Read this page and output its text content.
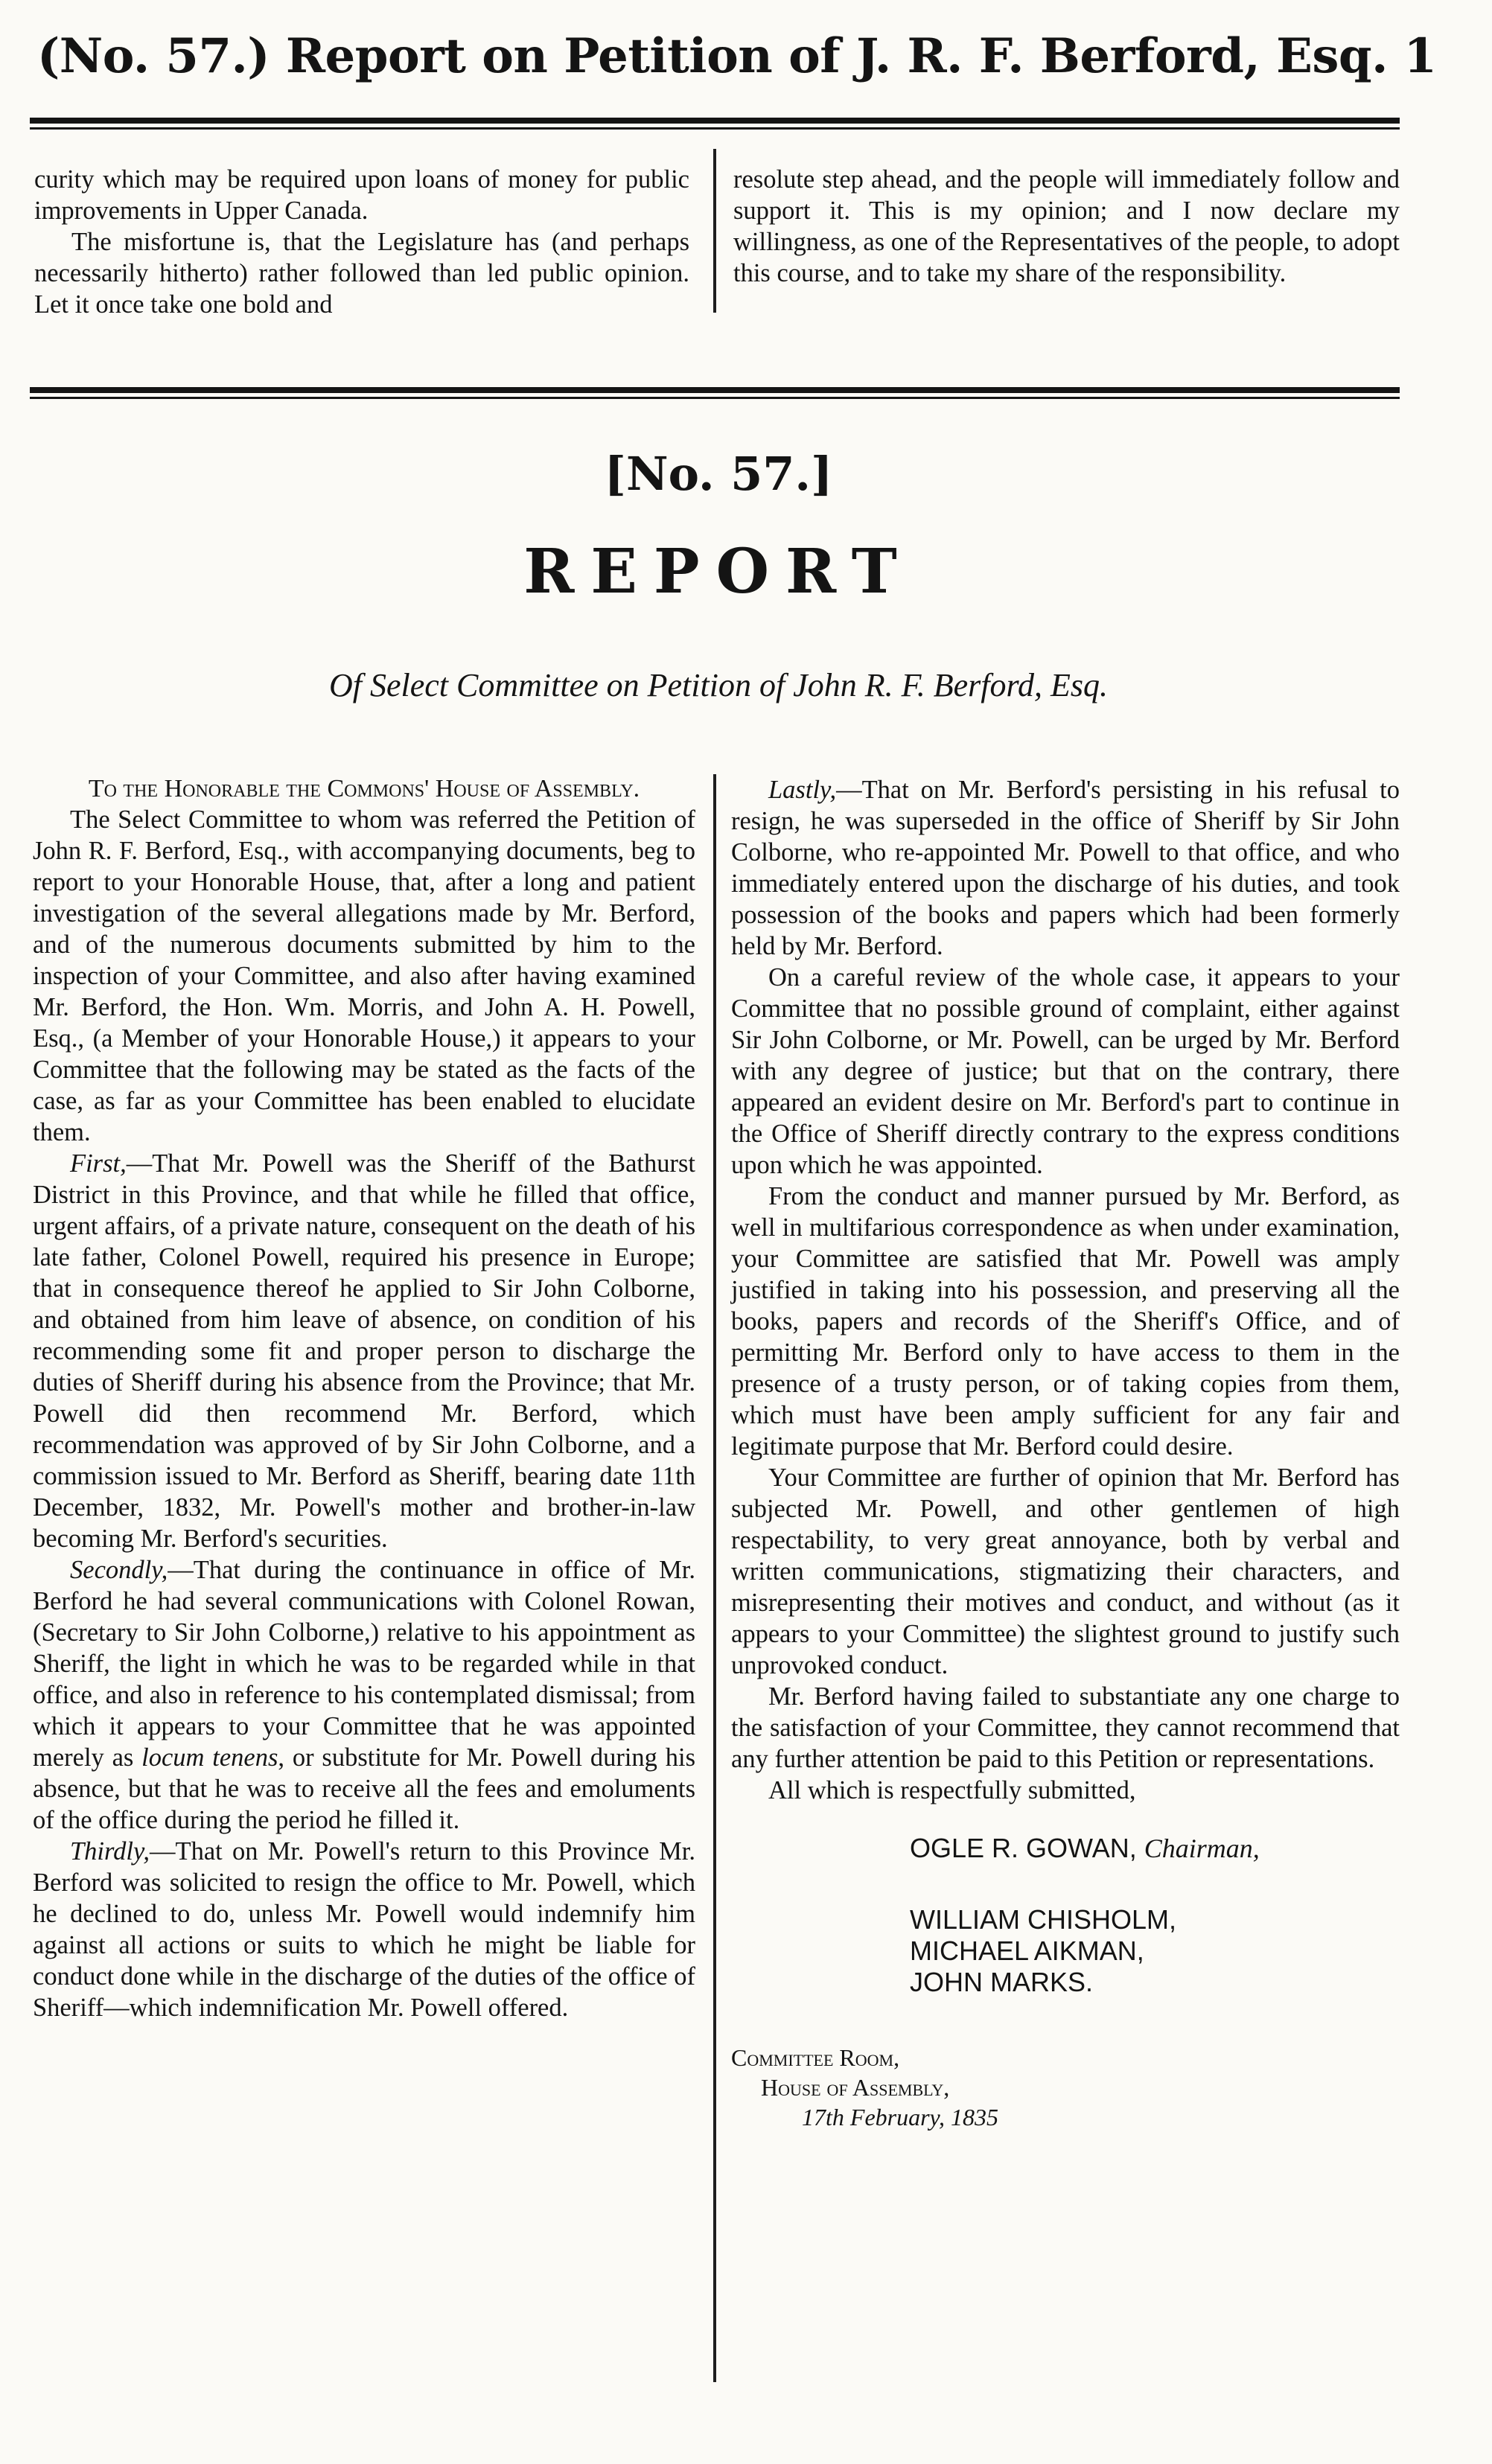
(No. 57.) Report on Petition of J. R. F. Berford, Esq. 1

curity which may be required upon loans of money for public improvements in Upper Canada.

The misfortune is, that the Legislature has (and perhaps necessarily hitherto) rather followed than led public opinion. Let it once take one bold and

resolute step ahead, and the people will immediately follow and support it. This is my opinion; and I now declare my willingness, as one of the Representatives of the people, to adopt this course, and to take my share of the responsibility.

[No. 57.]
REPORT
Of Select Committee on Petition of John R. F. Berford, Esq.

To the Honorable the Commons' House of Assembly.

The Select Committee to whom was referred the Petition of John R. F. Berford, Esq., with accompanying documents, beg to report to your Honorable House, that, after a long and patient investigation of the several allegations made by Mr. Berford, and of the numerous documents submitted by him to the inspection of your Committee, and also after having examined Mr. Berford, the Hon. Wm. Morris, and John A. H. Powell, Esq., (a Member of your Honorable House,) it appears to your Committee that the following may be stated as the facts of the case, as far as your Committee has been enabled to elucidate them.

First,—That Mr. Powell was the Sheriff of the Bathurst District in this Province, and that while he filled that office, urgent affairs, of a private nature, consequent on the death of his late father, Colonel Powell, required his presence in Europe; that in consequence thereof he applied to Sir John Colborne, and obtained from him leave of absence, on condition of his recommending some fit and proper person to discharge the duties of Sheriff during his absence from the Province; that Mr. Powell did then recommend Mr. Berford, which recommendation was approved of by Sir John Colborne, and a commission issued to Mr. Berford as Sheriff, bearing date 11th December, 1832, Mr. Powell's mother and brother-in-law becoming Mr. Berford's securities.

Secondly,—That during the continuance in office of Mr. Berford he had several communications with Colonel Rowan, (Secretary to Sir John Colborne,) relative to his appointment as Sheriff, the light in which he was to be regarded while in that office, and also in reference to his contemplated dismissal; from which it appears to your Committee that he was appointed merely as locum tenens, or substitute for Mr. Powell during his absence, but that he was to receive all the fees and emoluments of the office during the period he filled it.

Thirdly,—That on Mr. Powell's return to this Province Mr. Berford was solicited to resign the office to Mr. Powell, which he declined to do, unless Mr. Powell would indemnify him against all actions or suits to which he might be liable for conduct done while in the discharge of the duties of the office of Sheriff—which indemnification Mr. Powell offered.

Lastly,—That on Mr. Berford's persisting in his refusal to resign, he was superseded in the office of Sheriff by Sir John Colborne, who re-appointed Mr. Powell to that office, and who immediately entered upon the discharge of his duties, and took possession of the books and papers which had been formerly held by Mr. Berford.

On a careful review of the whole case, it appears to your Committee that no possible ground of complaint, either against Sir John Colborne, or Mr. Powell, can be urged by Mr. Berford with any degree of justice; but that on the contrary, there appeared an evident desire on Mr. Berford's part to continue in the Office of Sheriff directly contrary to the express conditions upon which he was appointed.

From the conduct and manner pursued by Mr. Berford, as well in multifarious correspondence as when under examination, your Committee are satisfied that Mr. Powell was amply justified in taking into his possession, and preserving all the books, papers and records of the Sheriff's Office, and of permitting Mr. Berford only to have access to them in the presence of a trusty person, or of taking copies from them, which must have been amply sufficient for any fair and legitimate purpose that Mr. Berford could desire.

Your Committee are further of opinion that Mr. Berford has subjected Mr. Powell, and other gentlemen of high respectability, to very great annoyance, both by verbal and written communications, stigmatizing their characters, and misrepresenting their motives and conduct, and without (as it appears to your Committee) the slightest ground to justify such unprovoked conduct.

Mr. Berford having failed to substantiate any one charge to the satisfaction of your Committee, they cannot recommend that any further attention be paid to this Petition or representations.

All which is respectfully submitted,

OGLE R. GOWAN, Chairman,
WILLIAM CHISHOLM,
MICHAEL AIKMAN,
JOHN MARKS.
Committee Room,
House of Assembly,
17th February, 1835
